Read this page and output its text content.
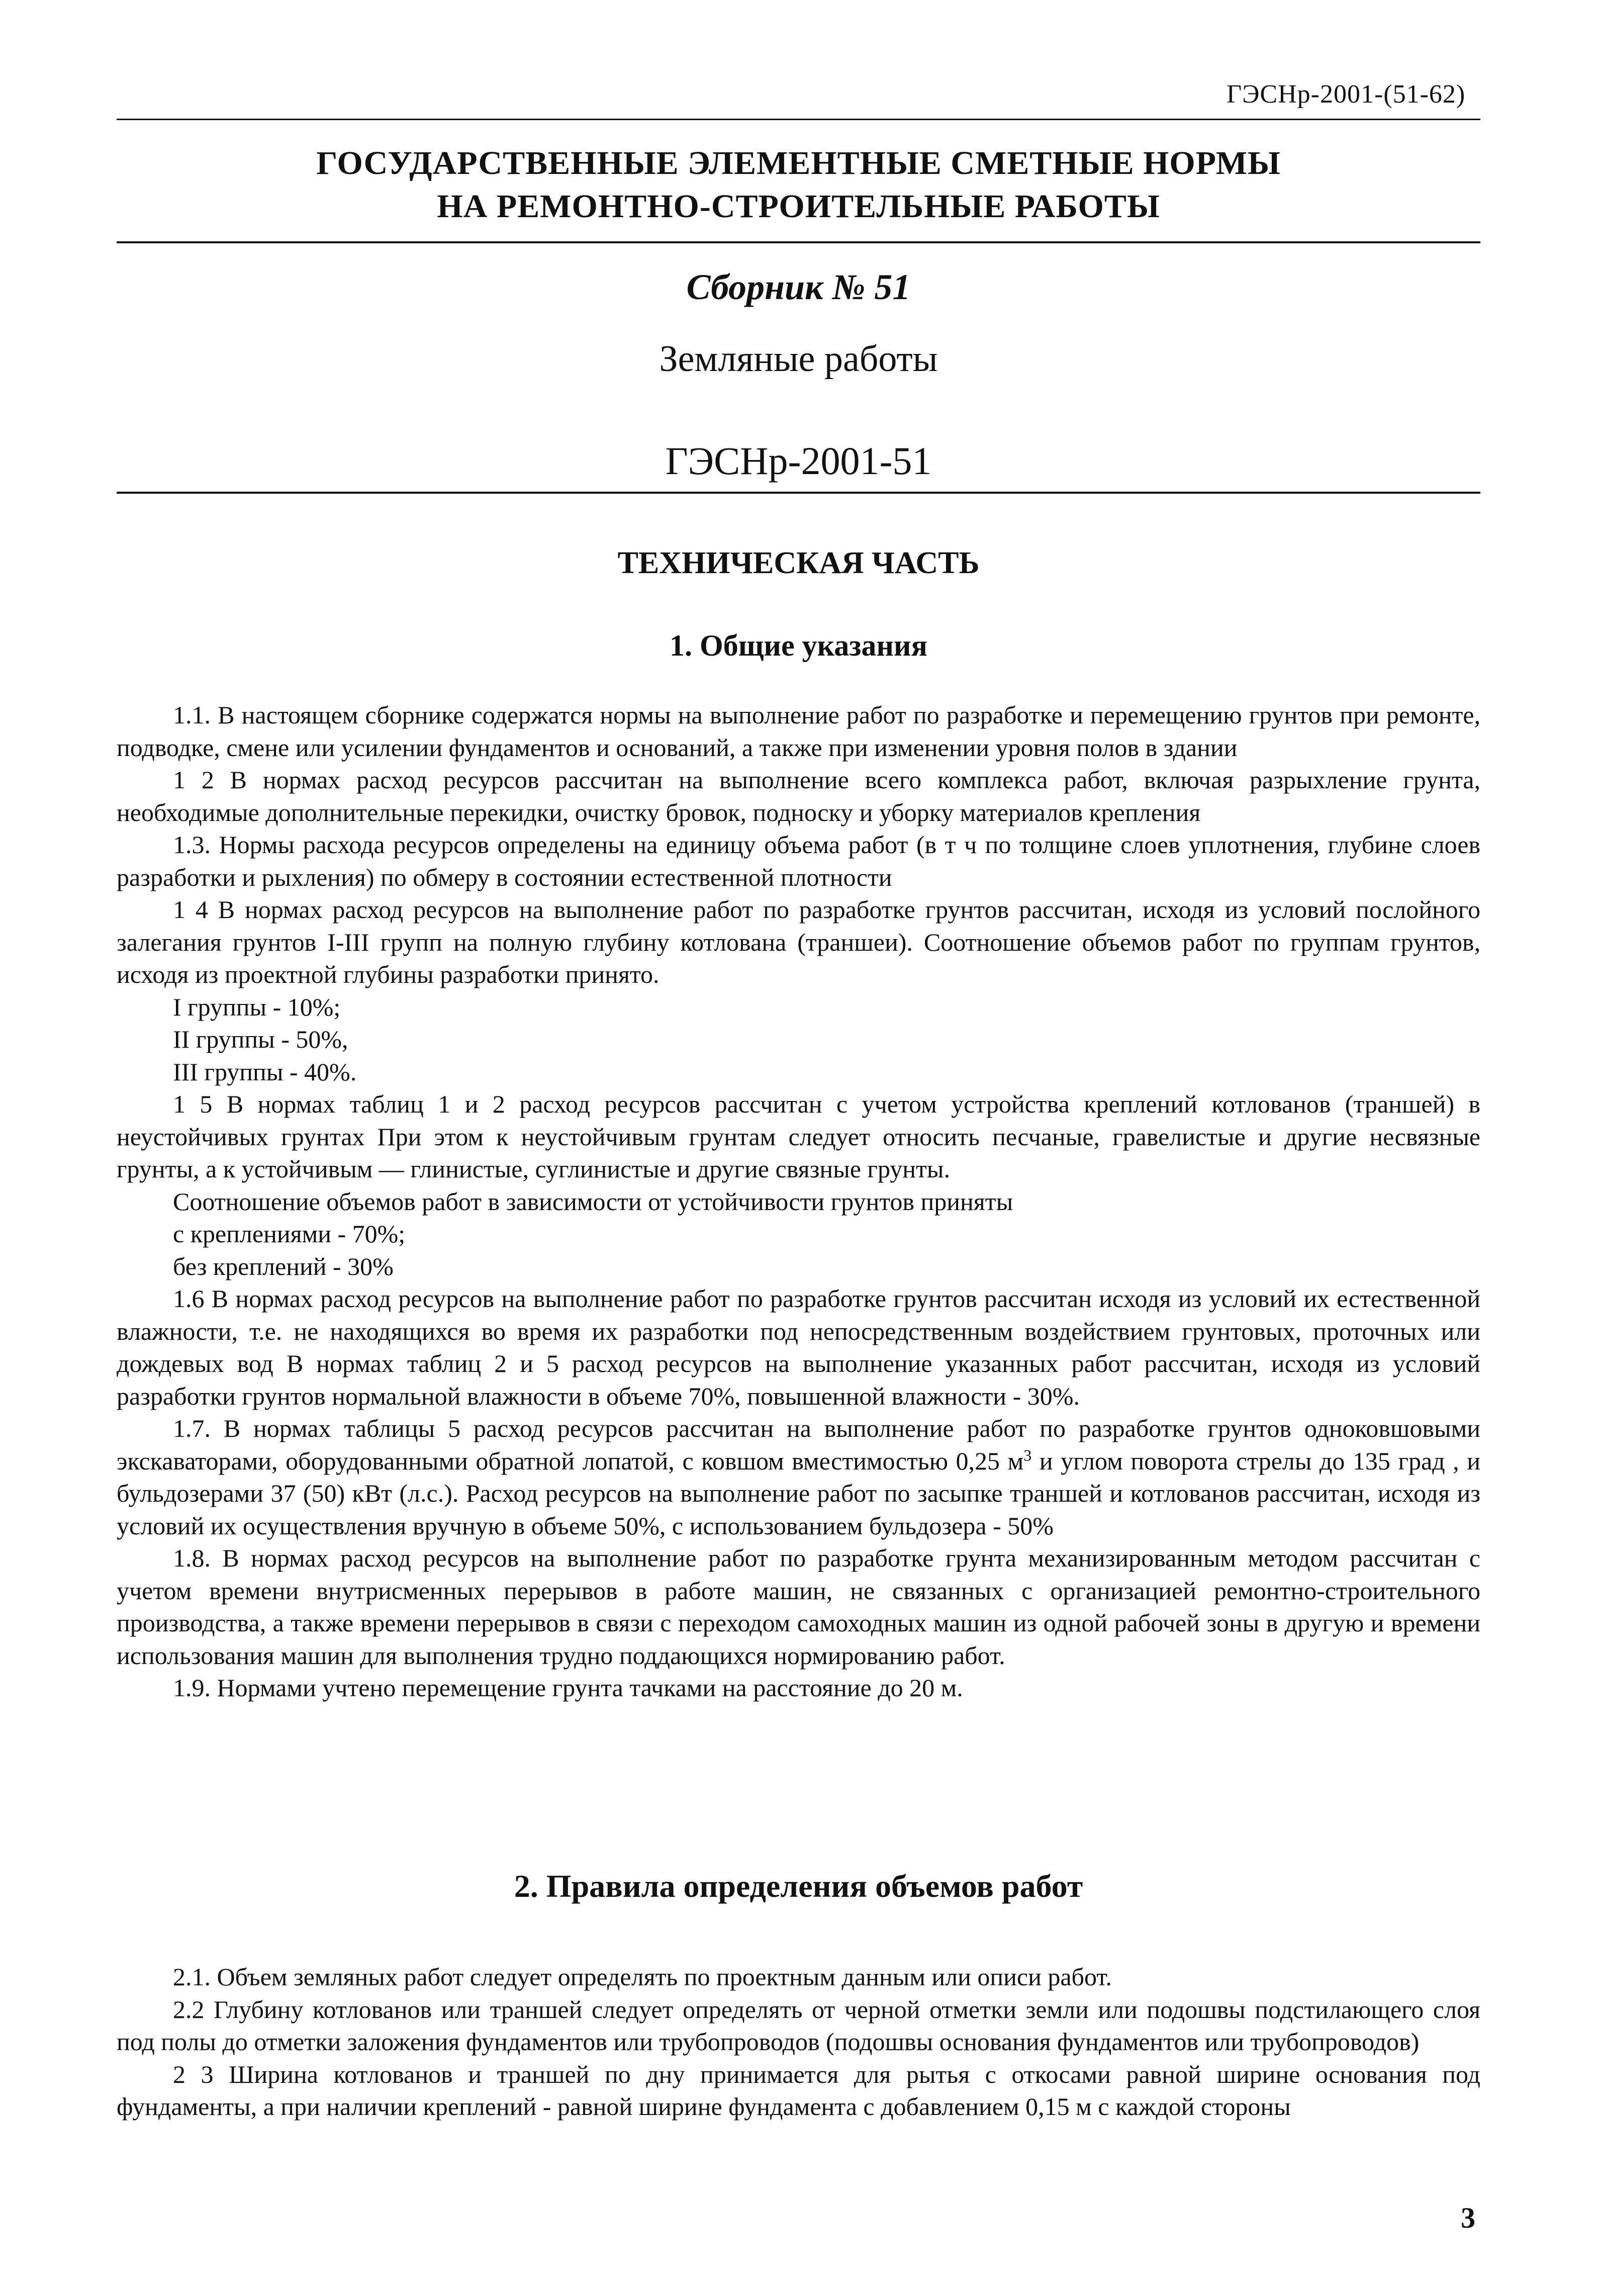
ГЭСНр-2001-(51-62)
ГОСУДАРСТВЕННЫЕ ЭЛЕМЕНТНЫЕ СМЕТНЫЕ НОРМЫ
НА РЕМОНТНО-СТРОИТЕЛЬНЫЕ РАБОТЫ
Сборник № 51
Земляные работы
ГЭСНр-2001-51
ТЕХНИЧЕСКАЯ ЧАСТЬ
1. Общие указания

1.1. В настоящем сборнике содержатся нормы на выполнение работ по разработке и перемещению грунтов при ремонте, подводке, смене или усилении фундаментов и оснований, а также при изменении уровня полов в здании

1 2 В нормах расход ресурсов рассчитан на выполнение всего комплекса работ, включая разрыхление грунта, необходимые дополнительные перекидки, очистку бровок, подноску и уборку материалов крепления

1.3. Нормы расхода ресурсов определены на единицу объема работ (в т ч по толщине слоев уплотнения, глубине слоев разработки и рыхления) по обмеру в состоянии естественной плотности

1 4 В нормах расход ресурсов на выполнение работ по разработке грунтов рассчитан, исходя из условий послойного залегания грунтов I-III групп на полную глубину котлована (траншеи). Соотношение объемов работ по группам грунтов, исходя из проектной глубины разработки принято.

I группы - 10%;

II группы - 50%,

III группы - 40%.

1 5 В нормах таблиц 1 и 2 расход ресурсов рассчитан с учетом устройства креплений котлованов (траншей) в неустойчивых грунтах При этом к неустойчивым грунтам следует относить песчаные, гравелистые и другие несвязные грунты, а к устойчивым — глинистые, суглинистые и другие связные грунты.

Соотношение объемов работ в зависимости от устойчивости грунтов приняты

с креплениями - 70%;

без креплений - 30%

1.6 В нормах расход ресурсов на выполнение работ по разработке грунтов рассчитан исходя из условий их естественной влажности, т.е. не находящихся во время их разработки под непосредственным воздействием грунтовых, проточных или дождевых вод В нормах таблиц 2 и 5 расход ресурсов на выполнение указанных работ рассчитан, исходя из условий разработки грунтов нормальной влажности в объеме 70%, повышенной влажности - 30%.

1.7. В нормах таблицы 5 расход ресурсов рассчитан на выполнение работ по разработке грунтов одноковшовыми экскаваторами, оборудованными обратной лопатой, с ковшом вместимостью 0,25 $м^3$ и углом поворота стрелы до 135 град , и бульдозерами 37 (50) кВт (л.с.). Расход ресурсов на выполнение работ по засыпке траншей и котлованов рассчитан, исходя из условий их осуществления вручную в объеме 50%, с использованием бульдозера - 50%

1.8. В нормах расход ресурсов на выполнение работ по разработке грунта механизированным методом рассчитан с учетом времени внутрисменных перерывов в работе машин, не связанных с организацией ремонтно-строительного производства, а также времени перерывов в связи с переходом самоходных машин из одной рабочей зоны в другую и времени использования машин для выполнения трудно поддающихся нормированию работ.

1.9. Нормами учтено перемещение грунта тачками на расстояние до 20 м.

2. Правила определения объемов работ

2.1. Объем земляных работ следует определять по проектным данным или описи работ.

2.2 Глубину котлованов или траншей следует определять от черной отметки земли или подошвы подстилающего слоя под полы до отметки заложения фундаментов или трубопроводов (подошвы основания фундаментов или трубопроводов)

2 3 Ширина котлованов и траншей по дну принимается для рытья с откосами равной ширине основания под фундаменты, а при наличии креплений - равной ширине фундамента с добавлением 0,15 м с каждой стороны

3
